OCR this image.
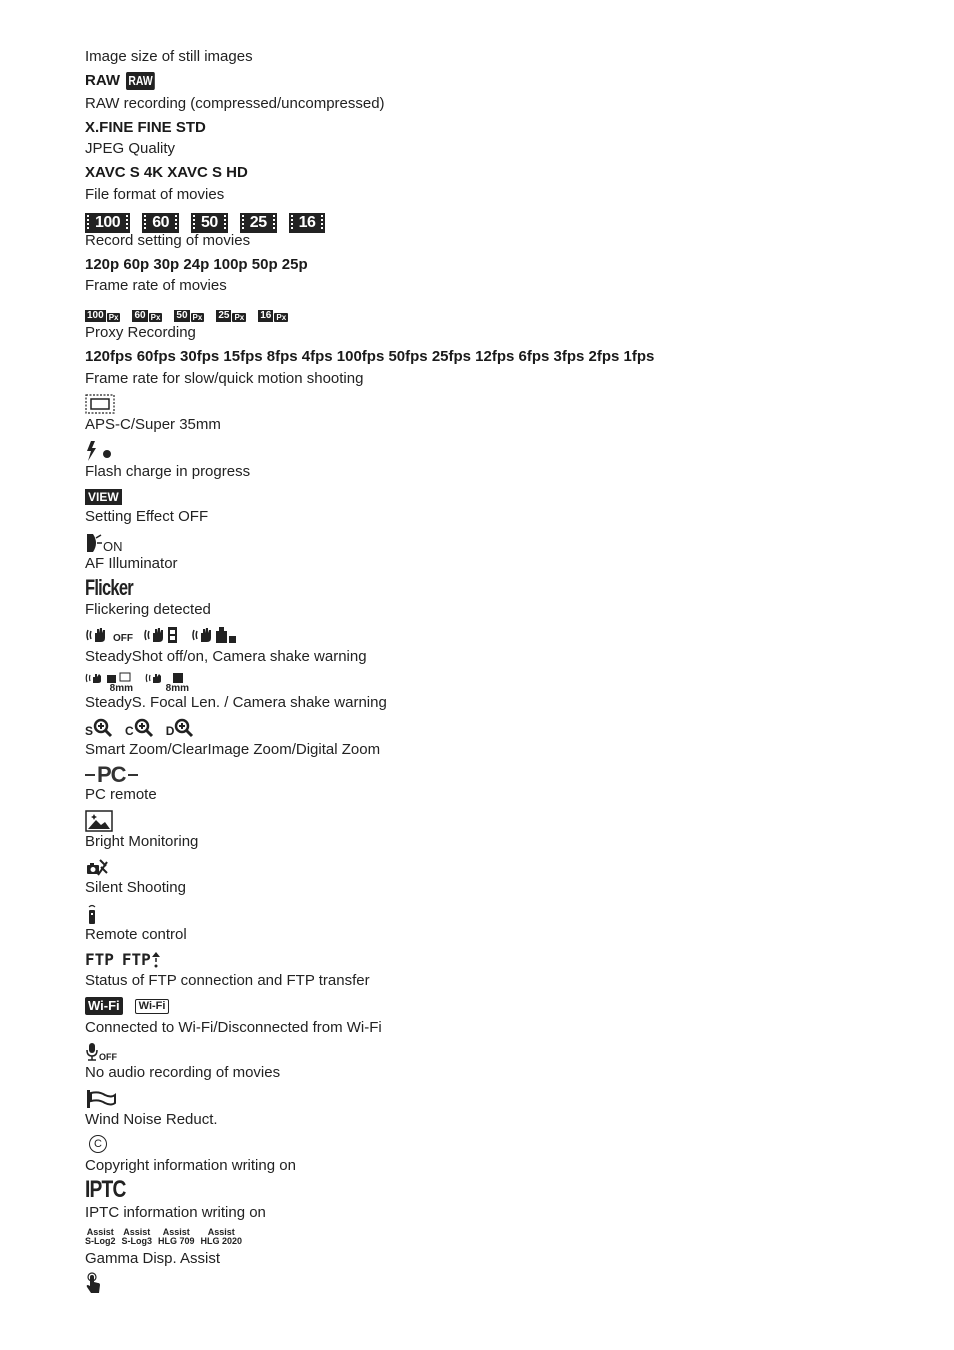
Image size of still images
RAW RAW
RAW recording (compressed/uncompressed)
X.FINE FINE STD
JPEG Quality
XAVC S 4K XAVC S HD
File format of movies
100	60	50	25	16
Record setting of movies
120p 60p 30p 24p 100p 50p 25p
Frame rate of movies
100 Px 60 Px 50 Px 25 Px 16 Px
Proxy Recording
120fps 60fps 30fps 15fps 8fps 4fps 100fps 50fps 25fps 12fps 6fps 3fps 2fps 1fps
Frame rate for slow/quick motion shooting
APS-C/Super 35mm
Flash charge in progress
VIEW
Setting Effect OFF
ON
AF Illuminator
Flicker
Flickering detected
OFF
SteadyShot off/on, Camera shake warning
8mm	8mm
SteadyS. Focal Len. / Camera shake warning
S	C	D
Smart Zoom/ClearImage Zoom/Digital Zoom
PC
PC remote
Bright Monitoring
Silent Shooting
Remote control
FTP FTP
Status of FTP connection and FTP transfer
Wi-Fi	Wi-Fi
Connected to Wi-Fi/Disconnected from Wi-Fi
OFF
No audio recording of movies
Wind Noise Reduct.
C
Copyright information writing on
IPTC
IPTC information writing on
Assist
S-Log2
Assist
S-Log3
Assist
HLG 709
Assist
HLG 2020
Gamma Disp. Assist
